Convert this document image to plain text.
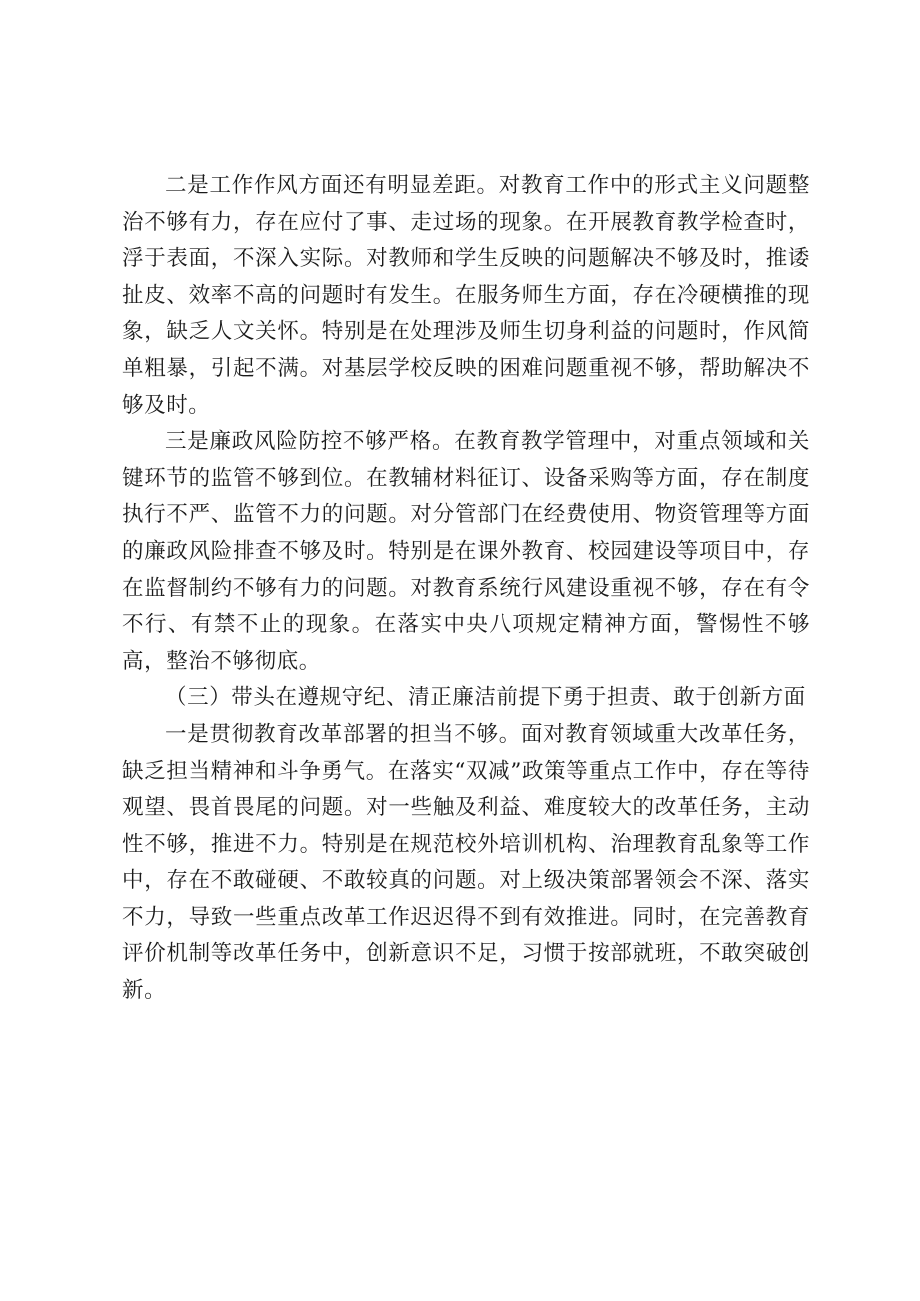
二是工作作风方面还有明显差距。对教育工作中的形式主义问题整治不够有力，存在应付了事、走过场的现象。在开展教育教学检查时，浮于表面，不深入实际。对教师和学生反映的问题解决不够及时，推诿扯皮、效率不高的问题时有发生。在服务师生方面，存在冷硬横推的现象，缺乏人文关怀。特别是在处理涉及师生切身利益的问题时，作风简单粗暴，引起不满。对基层学校反映的困难问题重视不够，帮助解决不够及时。

三是廉政风险防控不够严格。在教育教学管理中，对重点领域和关键环节的监管不够到位。在教辅材料征订、设备采购等方面，存在制度执行不严、监管不力的问题。对分管部门在经费使用、物资管理等方面的廉政风险排查不够及时。特别是在课外教育、校园建设等项目中，存在监督制约不够有力的问题。对教育系统行风建设重视不够，存在有令不行、有禁不止的现象。在落实中央八项规定精神方面，警惕性不够高，整治不够彻底。

（三）带头在遵规守纪、清正廉洁前提下勇于担责、敢于创新方面

一是贯彻教育改革部署的担当不够。面对教育领域重大改革任务，缺乏担当精神和斗争勇气。在落实“双减”政策等重点工作中，存在等待观望、畏首畏尾的问题。对一些触及利益、难度较大的改革任务，主动性不够，推进不力。特别是在规范校外培训机构、治理教育乱象等工作中，存在不敢碰硬、不敢较真的问题。对上级决策部署领会不深、落实不力，导致一些重点改革工作迟迟得不到有效推进。同时，在完善教育评价机制等改革任务中，创新意识不足，习惯于按部就班，不敢突破创新。
